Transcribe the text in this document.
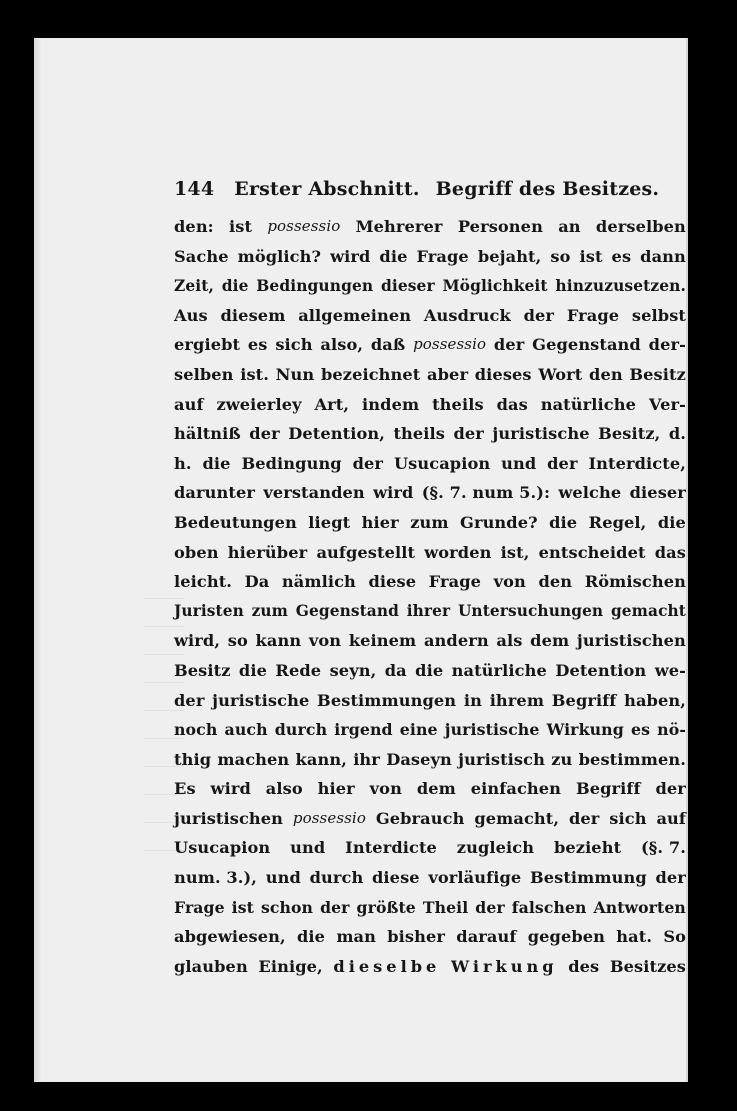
144 Erster Abschnitt. Begriff des Besitzes.
den: ist possessio Mehrerer Personen an derselben
Sache möglich? wird die Frage bejaht, so ist es dann
Zeit, die Bedingungen dieser Möglichkeit hinzuzusetzen.
Aus diesem allgemeinen Ausdruck der Frage selbst
ergiebt es sich also, daß possessio der Gegenstand der-
selben ist. Nun bezeichnet aber dieses Wort den Besitz
auf zweierley Art, indem theils das natürliche Ver-
hältniß der Detention, theils der juristische Besitz, d.
h. die Bedingung der Usucapion und der Interdicte,
darunter verstanden wird (§. 7. num 5.): welche dieser
Bedeutungen liegt hier zum Grunde? die Regel, die
oben hierüber aufgestellt worden ist, entscheidet das
leicht. Da nämlich diese Frage von den Römischen
Juristen zum Gegenstand ihrer Untersuchungen gemacht
wird, so kann von keinem andern als dem juristischen
Besitz die Rede seyn, da die natürliche Detention we-
der juristische Bestimmungen in ihrem Begriff haben,
noch auch durch irgend eine juristische Wirkung es nö-
thig machen kann, ihr Daseyn juristisch zu bestimmen.
Es wird also hier von dem einfachen Begriff der
juristischen possessio Gebrauch gemacht, der sich auf
Usucapion und Interdicte zugleich bezieht (§. 7.
num. 3.), und durch diese vorläufige Bestimmung der
Frage ist schon der größte Theil der falschen Antworten
abgewiesen, die man bisher darauf gegeben hat. So
glauben Einige, dieselbe Wirkung des Besitzes
